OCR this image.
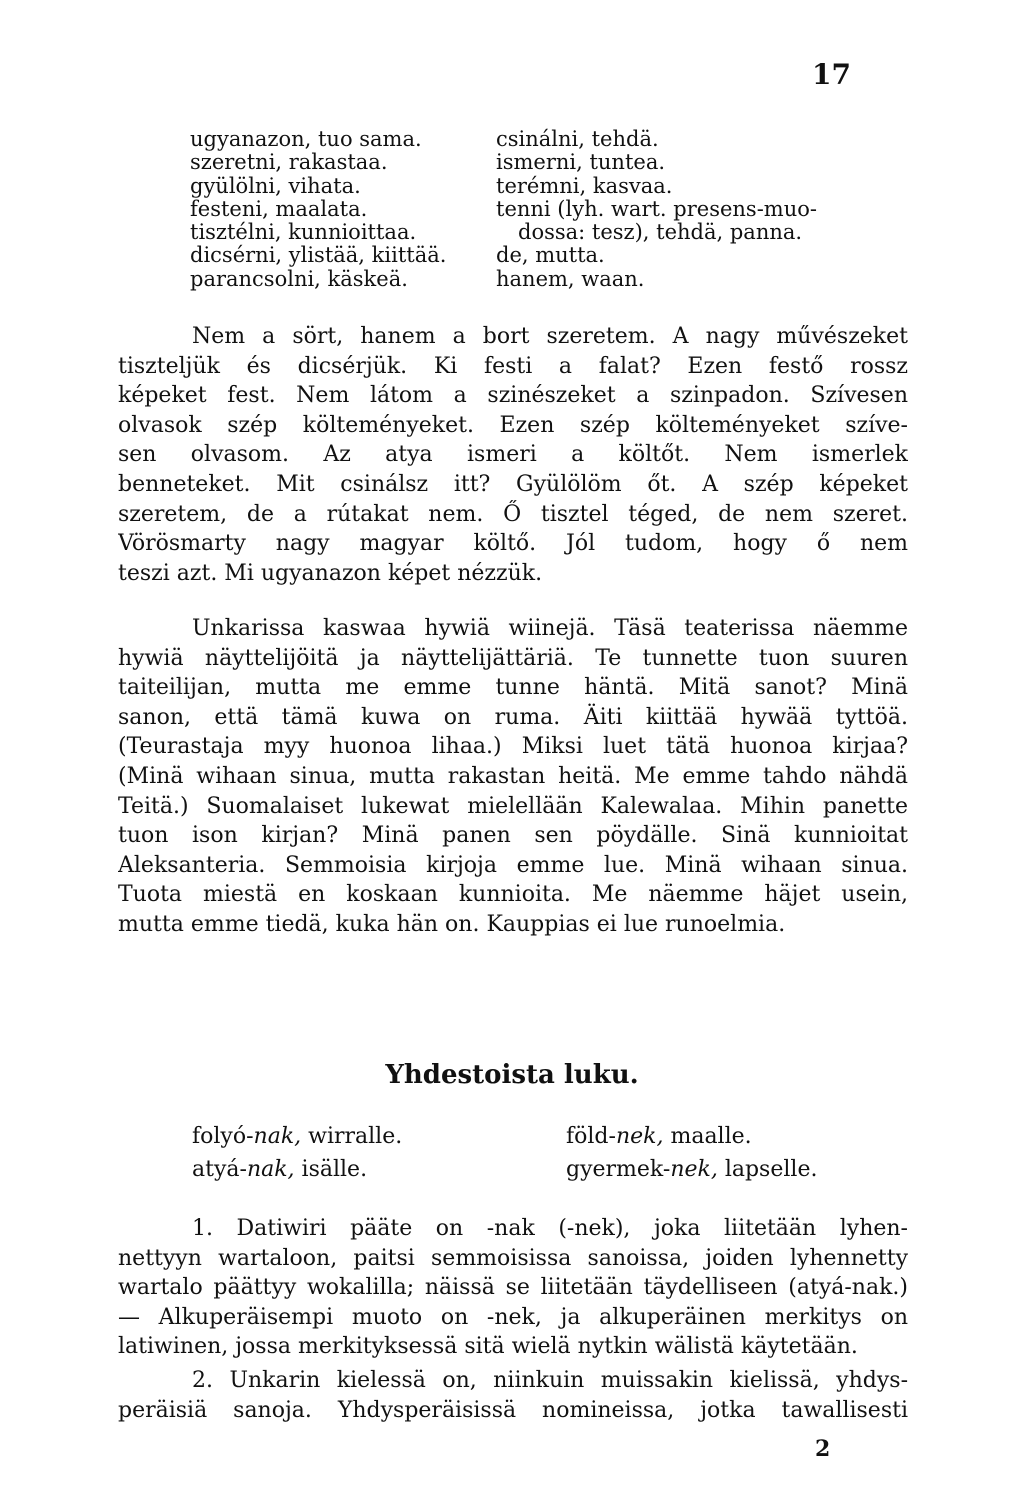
17
ugyanazon, tuo sama.
szeretni, rakastaa.
gyülölni, vihata.
festeni, maalata.
tisztélni, kunnioittaa.
dicsérni, ylistää, kiittää.
parancsolni, käskeä.
csinálni, tehdä.
ismerni, tuntea.
terémni, kasvaa.
tenni (lyh. wart. presens-muo-
dossa: tesz), tehdä, panna.
de, mutta.
hanem, waan.
Nem a sört, hanem a bort szeretem. A nagy művészeket
tiszteljük és dicsérjük. Ki festi a falat? Ezen festő rossz
képeket fest. Nem látom a szinészeket a szinpadon. Szívesen
olvasok szép költeményeket. Ezen szép költeményeket szíve-
sen olvasom. Az atya ismeri a költőt. Nem ismerlek
benneteket. Mit csinálsz itt? Gyülölöm őt. A szép képeket
szeretem, de a rútakat nem. Ő tisztel téged, de nem szeret.
Vörösmarty nagy magyar költő. Jól tudom, hogy ő nem
teszi azt. Mi ugyanazon képet nézzük.
Unkarissa kaswaa hywiä wiinejä. Täsä teaterissa näemme
hywiä näyttelijöitä ja näyttelijättäriä. Te tunnette tuon suuren
taiteilijan, mutta me emme tunne häntä. Mitä sanot? Minä
sanon, että tämä kuwa on ruma. Äiti kiittää hywää tyttöä.
(Teurastaja myy huonoa lihaa.) Miksi luet tätä huonoa kirjaa?
(Minä wihaan sinua, mutta rakastan heitä. Me emme tahdo nähdä
Teitä.) Suomalaiset lukewat mielellään Kalewalaa. Mihin panette
tuon ison kirjan? Minä panen sen pöydälle. Sinä kunnioitat
Aleksanteria. Semmoisia kirjoja emme lue. Minä wihaan sinua.
Tuota miestä en koskaan kunnioita. Me näemme häjet usein,
mutta emme tiedä, kuka hän on. Kauppias ei lue runoelmia.
Yhdestoista luku.
folyó-nak, wirralle.
atyá-nak, isälle.
föld-nek, maalle.
gyermek-nek, lapselle.
1. Datiwiri pääte on -nak (-nek), joka liitetään lyhen-
nettyyn wartaloon, paitsi semmoisissa sanoissa, joiden lyhennetty
wartalo päättyy wokalilla; näissä se liitetään täydelliseen (atyá-nak.)
— Alkuperäisempi muoto on -nek, ja alkuperäinen merkitys on
latiwinen, jossa merkityksessä sitä wielä nytkin wälistä käytetään.
2. Unkarin kielessä on, niinkuin muissakin kielissä, yhdys-
peräisiä sanoja. Yhdysperäisissä nomineissa, jotka tawallisesti
2
